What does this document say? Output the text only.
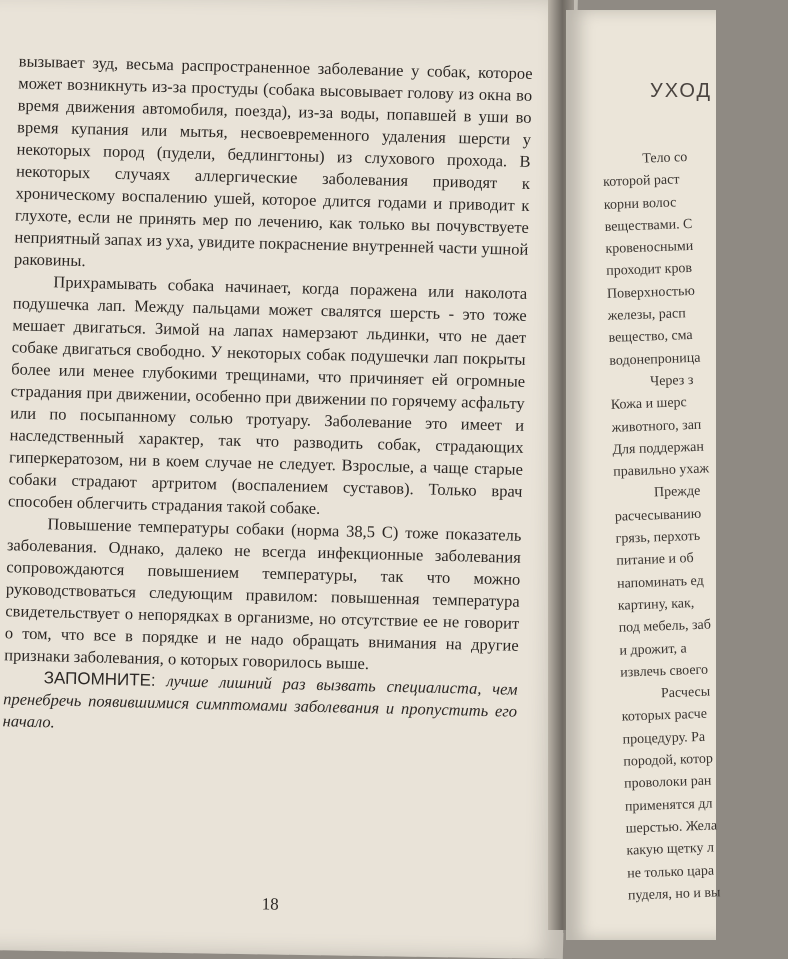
вызывает зуд, весьма распространенное заболевание у собак, которое может возникнуть из-за простуды (собака высовывает голову из окна во время движения автомобиля, поезда), из-за воды, попавшей в уши во время купания или мытья, несвоевременного удаления шерсти у некоторых пород (пудели, бедлингтоны) из слухового прохода. В некоторых случаях аллергические заболевания приводят к хроническому воспалению ушей, которое длится годами и приводит к глухоте, если не принять мер по лечению, как только вы почувствуете неприятный запах из уха, увидите покраснение внутренней части ушной раковины.

Прихрамывать собака начинает, когда поражена или наколота подушечка лап. Между пальцами может свалятся шерсть - это тоже мешает двигаться. Зимой на лапах намерзают льдинки, что не дает собаке двигаться свободно. У некоторых собак подушечки лап покрыты более или менее глубокими трещинами, что причиняет ей огромные страдания при движении, особенно при движении по горячему асфальту или по посыпанному солью тротуару. Заболевание это имеет и наследственный характер, так что разводить собак, страдающих гиперкератозом, ни в коем случае не следует. Взрослые, а чаще старые собаки страдают артритом (воспалением суставов). Только врач способен облегчить страдания такой собаке.

Повышение температуры собаки (норма 38,5 С) тоже показатель заболевания. Однако, далеко не всегда инфекционные заболевания сопровождаются повышением температуры, так что можно руководствоваться следующим правилом: повышенная температура свидетельствует о непорядках в организме, но отсутствие ее не говорит о том, что все в порядке и не надо обращать внимания на другие признаки заболевания, о которых говорилось выше.

ЗАПОМНИТЕ: лучше лишний раз вызвать специалиста, чем пренебречь появившимися симптомами заболевания и пропустить его начало.

18
УХОД
Тело со
которой раст
корни волос
веществами. С
кровеносными
проходит кров
Поверхностью
железы, расп
вещество, сма
водонепроница
Через з
Кожа и шерс
животного, зап
Для поддержан
правильно ухаж
Прежде
расчесыванию
грязь, перхоть
питание и об
напоминать ед
картину, как,
под мебель, заб
и дрожит, а
извлечь своего
Расчесы
которых расче
процедуру. Ра
породой, котор
проволоки ран
применятся дл
шерстью. Жела
какую щетку л
не только цара
пуделя, но и вы
